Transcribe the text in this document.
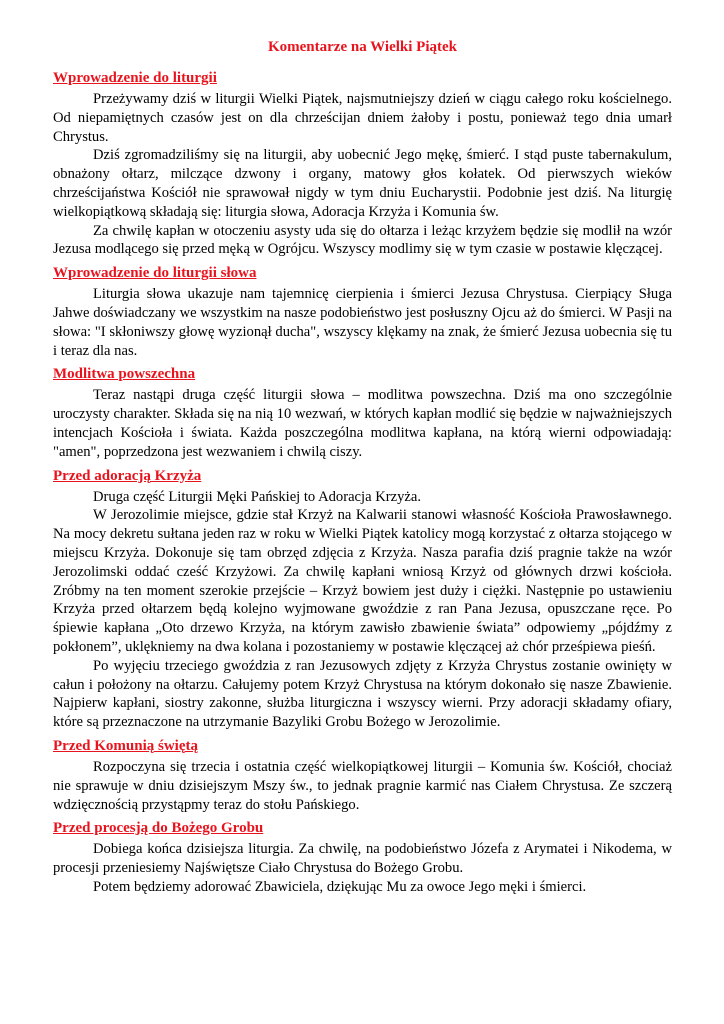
Komentarze na Wielki Piątek
Wprowadzenie do liturgii

Przeżywamy dziś w liturgii Wielki Piątek, najsmutniejszy dzień w ciągu całego roku kościelnego. Od niepamiętnych czasów jest on dla chrześcijan dniem żałoby i postu, ponieważ tego dnia umarł Chrystus.

Dziś zgromadziliśmy się na liturgii, aby uobecnić Jego mękę, śmierć. I stąd puste tabernakulum, obnażony ołtarz, milczące dzwony i organy, matowy głos kołatek. Od pierwszych wieków chrześcijaństwa Kościół nie sprawował nigdy w tym dniu Eucharystii. Podobnie jest dziś. Na liturgię wielkopiątkową składają się: liturgia słowa, Adoracja Krzyża i Komunia św.

Za chwilę kapłan w otoczeniu asysty uda się do ołtarza i leżąc krzyżem będzie się modlił na wzór Jezusa modlącego się przed męką w Ogrójcu. Wszyscy modlimy się w tym czasie w postawie klęczącej.

Wprowadzenie do liturgii słowa

Liturgia słowa ukazuje nam tajemnicę cierpienia i śmierci Jezusa Chrystusa. Cierpiący Sługa Jahwe doświadczany we wszystkim na nasze podobieństwo jest posłuszny Ojcu aż do śmierci. W Pasji na słowa: "I skłoniwszy głowę wyzionął ducha", wszyscy klękamy na znak, że śmierć Jezusa uobecnia się tu i teraz dla nas.

Modlitwa powszechna

Teraz nastąpi druga część liturgii słowa – modlitwa powszechna. Dziś ma ono szczególnie uroczysty charakter. Składa się na nią 10 wezwań, w których kapłan modlić się będzie w najważniejszych intencjach Kościoła i świata. Każda poszczególna modlitwa kapłana, na którą wierni odpowiadają: "amen", poprzedzona jest wezwaniem i chwilą ciszy.

Przed adoracją Krzyża

Druga część Liturgii Męki Pańskiej to Adoracja Krzyża.

W Jerozolimie miejsce, gdzie stał Krzyż na Kalwarii stanowi własność Kościoła Prawosławnego. Na mocy dekretu sułtana jeden raz w roku w Wielki Piątek katolicy mogą korzystać z ołtarza stojącego w miejscu Krzyża. Dokonuje się tam obrzęd zdjęcia z Krzyża. Nasza parafia dziś pragnie także na wzór Jerozolimski oddać cześć Krzyżowi. Za chwilę kapłani wniosą Krzyż od głównych drzwi kościoła. Zróbmy na ten moment szerokie przejście – Krzyż bowiem jest duży i ciężki. Następnie po ustawieniu Krzyża przed ołtarzem będą kolejno wyjmowane gwoździe z ran Pana Jezusa, opuszczane ręce. Po śpiewie kapłana „Oto drzewo Krzyża, na którym zawisło zbawienie świata” odpowiemy „pójdźmy z pokłonem”, uklękniemy na dwa kolana i pozostaniemy w postawie klęczącej aż chór prześpiewa pieśń.

Po wyjęciu trzeciego gwoździa z ran Jezusowych zdjęty z Krzyża Chrystus zostanie owinięty w całun i położony na ołtarzu. Całujemy potem Krzyż Chrystusa na którym dokonało się nasze Zbawienie. Najpierw kapłani, siostry zakonne, służba liturgiczna i wszyscy wierni. Przy adoracji składamy ofiary, które są przeznaczone na utrzymanie Bazyliki Grobu Bożego w Jerozolimie.

Przed Komunią świętą

Rozpoczyna się trzecia i ostatnia część wielkopiątkowej liturgii – Komunia św. Kościół, chociaż nie sprawuje w dniu dzisiejszym Mszy św., to jednak pragnie karmić nas Ciałem Chrystusa. Ze szczerą wdzięcznością przystąpmy teraz do stołu Pańskiego.

Przed procesją do Bożego Grobu

Dobiega końca dzisiejsza liturgia. Za chwilę, na podobieństwo Józefa z Arymatei i Nikodema, w procesji przeniesiemy Najświętsze Ciało Chrystusa do Bożego Grobu.

Potem będziemy adorować Zbawiciela, dziękując Mu za owoce Jego męki i śmierci.
